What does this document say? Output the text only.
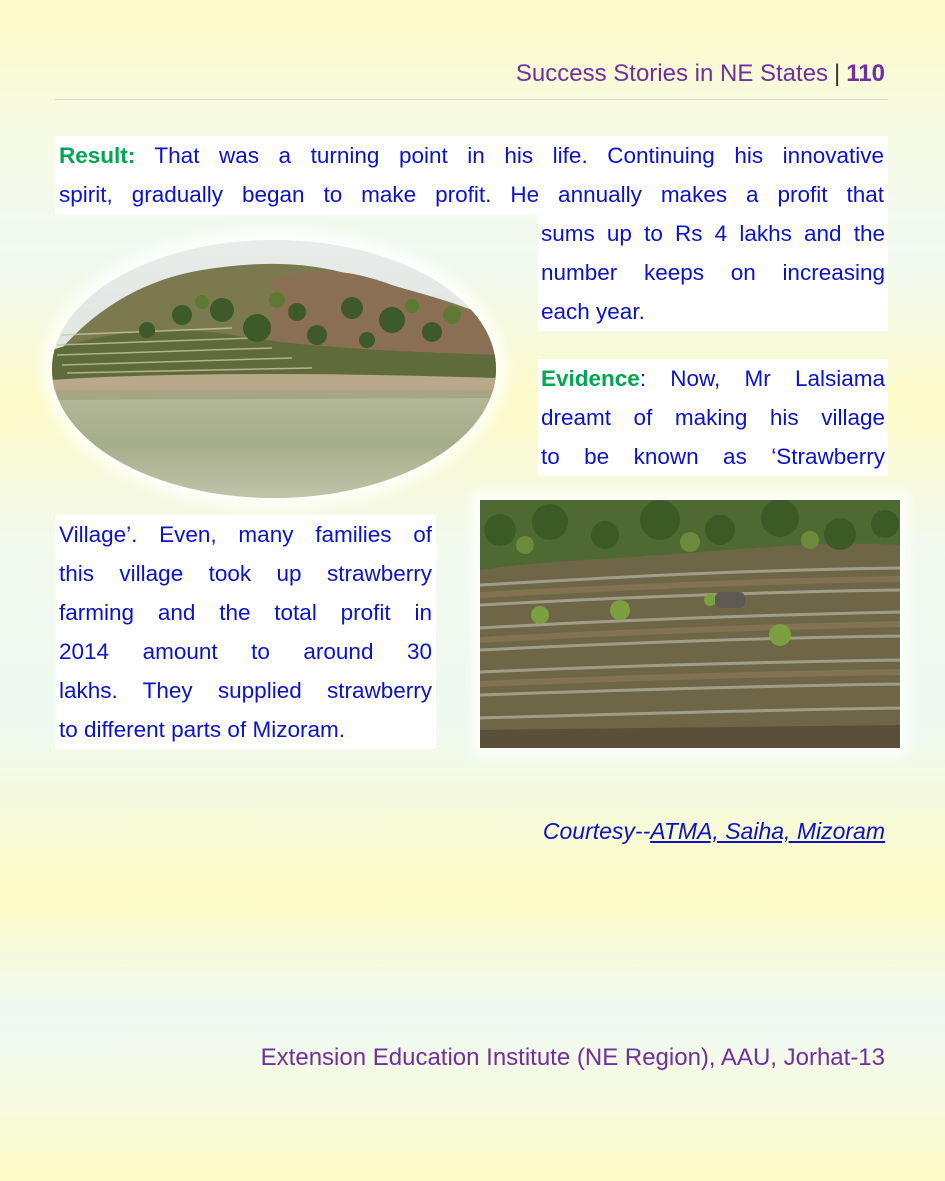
Success Stories in NE States | 110
Result: That was a turning point in his life. Continuing his innovative
spirit, gradually began to make profit. He annually makes a profit that
sums up to Rs 4 lakhs and the
number keeps on increasing
each year.
Evidence: Now, Mr Lalsiama
dreamt of making his village
to be known as ‘Strawberry
Village’. Even, many families of
this village took up strawberry
farming and the total profit in
2014 amount to around 30
lakhs. They supplied strawberry
to different parts of Mizoram.
Courtesy--ATMA, Saiha, Mizoram
Extension Education Institute (NE Region), AAU, Jorhat-13
